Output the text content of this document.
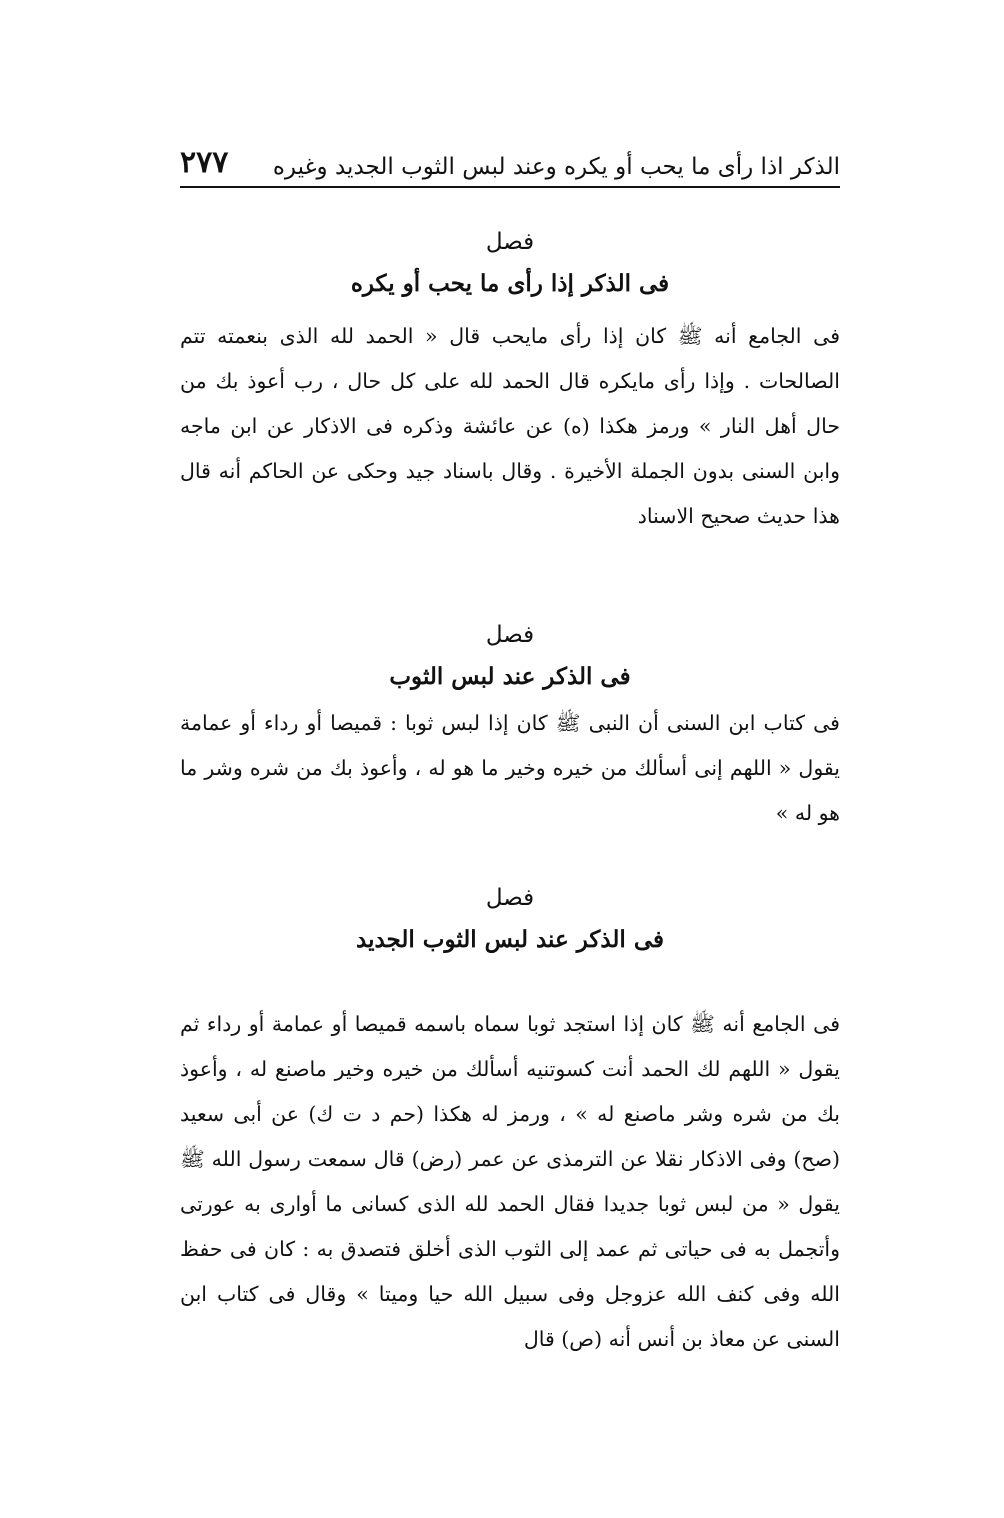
الذكر اذا رأى ما يحب أو يكره وعند لبس الثوب الجديد وغيره
٢٧٧
فصل
فى الذكر إذا رأى ما يحب أو يكره

فى الجامع أنه ﷺ كان إذا رأى مايحب قال « الحمد لله الذى بنعمته تتم الصالحات . وإذا رأى مايكره قال الحمد لله على كل حال ، رب أعوذ بك من حال أهل النار » ورمز هكذا (ه) عن عائشة وذكره فى الاذكار عن ابن ماجه وابن السنى بدون الجملة الأخيرة . وقال باسناد جيد وحكى عن الحاكم أنه قال هذا حديث صحيح الاسناد

فصل
فى الذكر عند لبس الثوب

فى كتاب ابن السنى أن النبى ﷺ كان إذا لبس ثوبا : قميصا أو رداء أو عمامة يقول « اللهم إنى أسألك من خيره وخير ما هو له ، وأعوذ بك من شره وشر ما هو له »

فصل
فى الذكر عند لبس الثوب الجديد

فى الجامع أنه ﷺ كان إذا استجد ثوبا سماه باسمه قميصا أو عمامة أو رداء ثم يقول « اللهم لك الحمد أنت كسوتنيه أسألك من خيره وخير ماصنع له ، وأعوذ بك من شره وشر ماصنع له » ، ورمز له هكذا (حم د ت ك) عن أبى سعيد (صح) وفى الاذكار نقلا عن الترمذى عن عمر (رض) قال سمعت رسول الله ﷺ يقول « من لبس ثوبا جديدا فقال الحمد لله الذى كسانى ما أوارى به عورتى وأتجمل به فى حياتى ثم عمد إلى الثوب الذى أخلق فتصدق به : كان فى حفظ الله وفى كنف الله عزوجل وفى سبيل الله حيا وميتا » وقال فى كتاب ابن السنى عن معاذ بن أنس أنه (ص) قال
